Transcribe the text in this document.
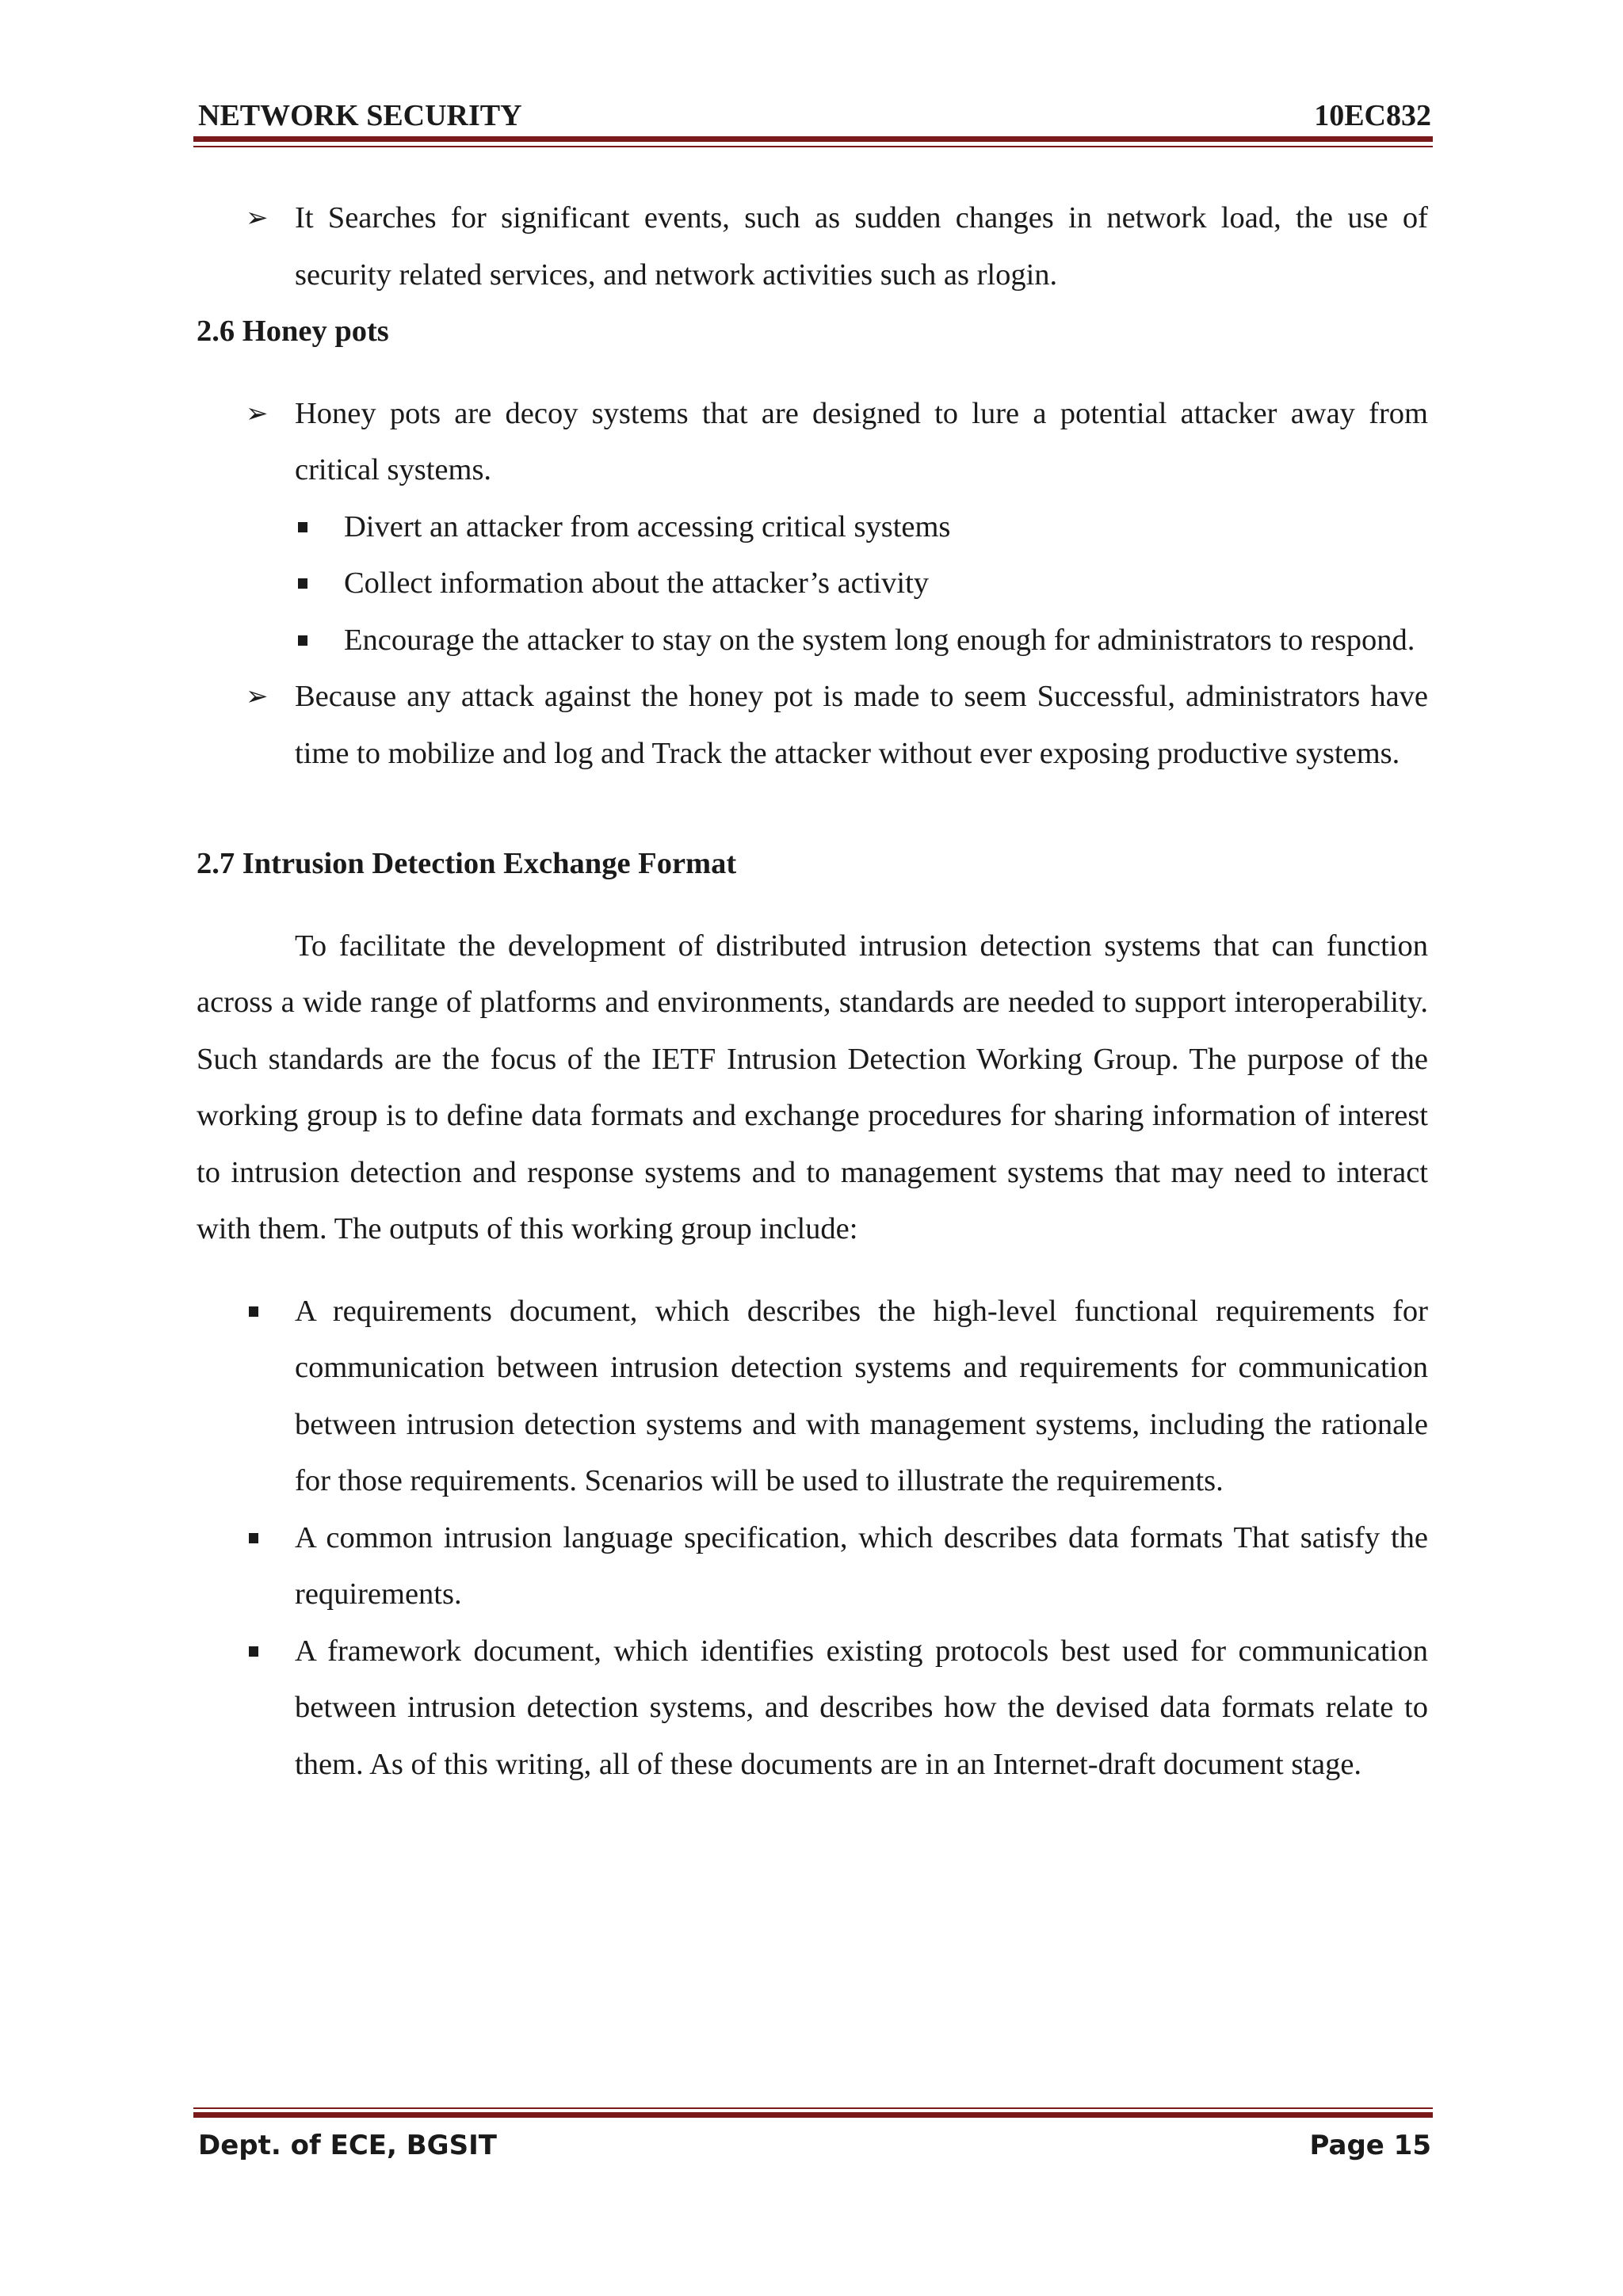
NETWORK SECURITY	10EC832
➢ It Searches for significant events, such as sudden changes in network load, the use of security related services, and network activities such as rlogin.

2.6 Honey pots

➢ Honey pots are decoy systems that are designed to lure a potential attacker away from critical systems.
Divert an attacker from accessing critical systems
Collect information about the attacker’s activity
Encourage the attacker to stay on the system long enough for administrators to respond.
➢ Because any attack against the honey pot is made to seem Successful, administrators have time to mobilize and log and Track the attacker without ever exposing productive systems.

2.7 Intrusion Detection Exchange Format

To facilitate the development of distributed intrusion detection systems that can function across a wide range of platforms and environments, standards are needed to support interoperability. Such standards are the focus of the IETF Intrusion Detection Working Group. The purpose of the working group is to define data formats and exchange procedures for sharing information of interest to intrusion detection and response systems and to management systems that may need to interact with them. The outputs of this working group include:

A requirements document, which describes the high-level functional requirements for communication between intrusion detection systems and requirements for communication between intrusion detection systems and with management systems, including the rationale for those requirements. Scenarios will be used to illustrate the requirements.
A common intrusion language specification, which describes data formats That satisfy the requirements.
A framework document, which identifies existing protocols best used for communication between intrusion detection systems, and describes how the devised data formats relate to them. As of this writing, all of these documents are in an Internet-draft document stage.
Dept. of ECE, BGSIT	Page 15
